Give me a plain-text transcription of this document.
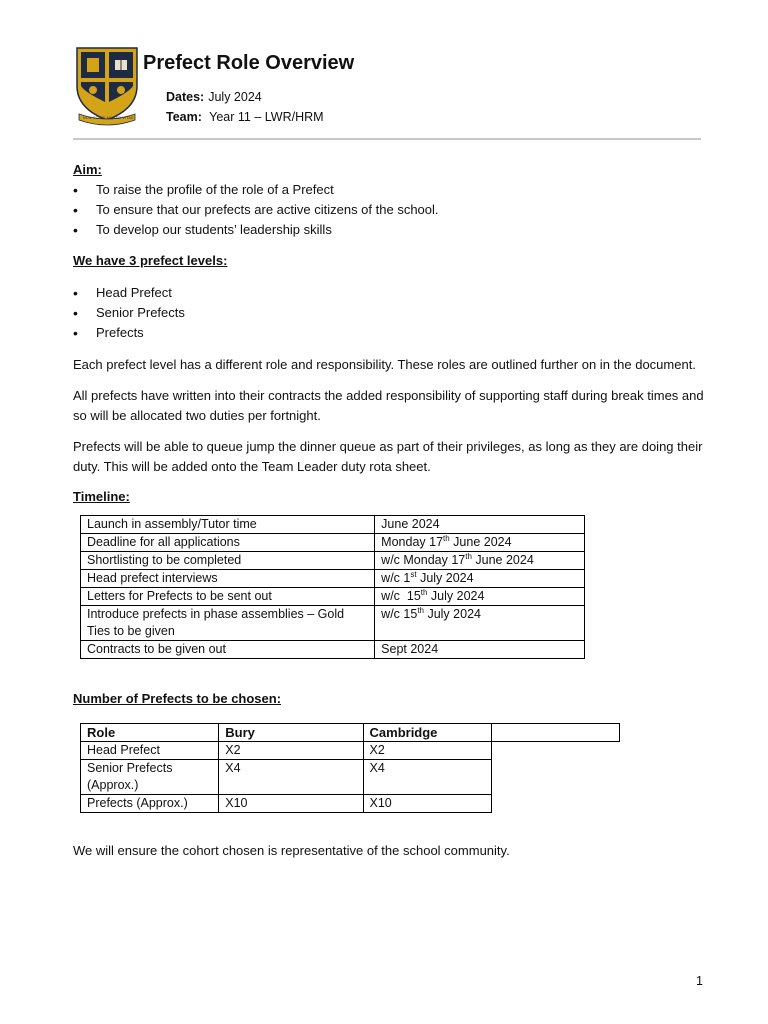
NON SCHOLAE SED VITAE
Prefect Role Overview
Dates: July 2024
Team: Year 11 – LWR/HRM
Aim:
• To raise the profile of the role of a Prefect
• To ensure that our prefects are active citizens of the school.
• To develop our students’ leadership skills
We have 3 prefect levels:
• Head Prefect
• Senior Prefects
• Prefects

Each prefect level has a different role and responsibility. These roles are outlined further on in the document.

All prefects have written into their contracts the added responsibility of supporting staff during break times and so will be allocated two duties per fortnight.

Prefects will be able to queue jump the dinner queue as part of their privileges, as long as they are doing their duty. This will be added onto the Team Leader duty rota sheet.

Timeline:
Launch in assembly/Tutor time	June 2024
Deadline for all applications	Monday 17th June 2024
Shortlisting to be completed	w/c Monday 17th June 2024
Head prefect interviews	w/c 1st July 2024
Letters for Prefects to be sent out	w/c  15th July 2024
Introduce prefects in phase assemblies – Gold Ties to be given	w/c 15th July 2024
Contracts to be given out	Sept 2024
Number of Prefects to be chosen:
Role	Bury	Cambridge	
Head Prefect	X2	X2	
Senior Prefects (Approx.)	X4	X4	
Prefects (Approx.)	X10	X10	

We will ensure the cohort chosen is representative of the school community.

1
